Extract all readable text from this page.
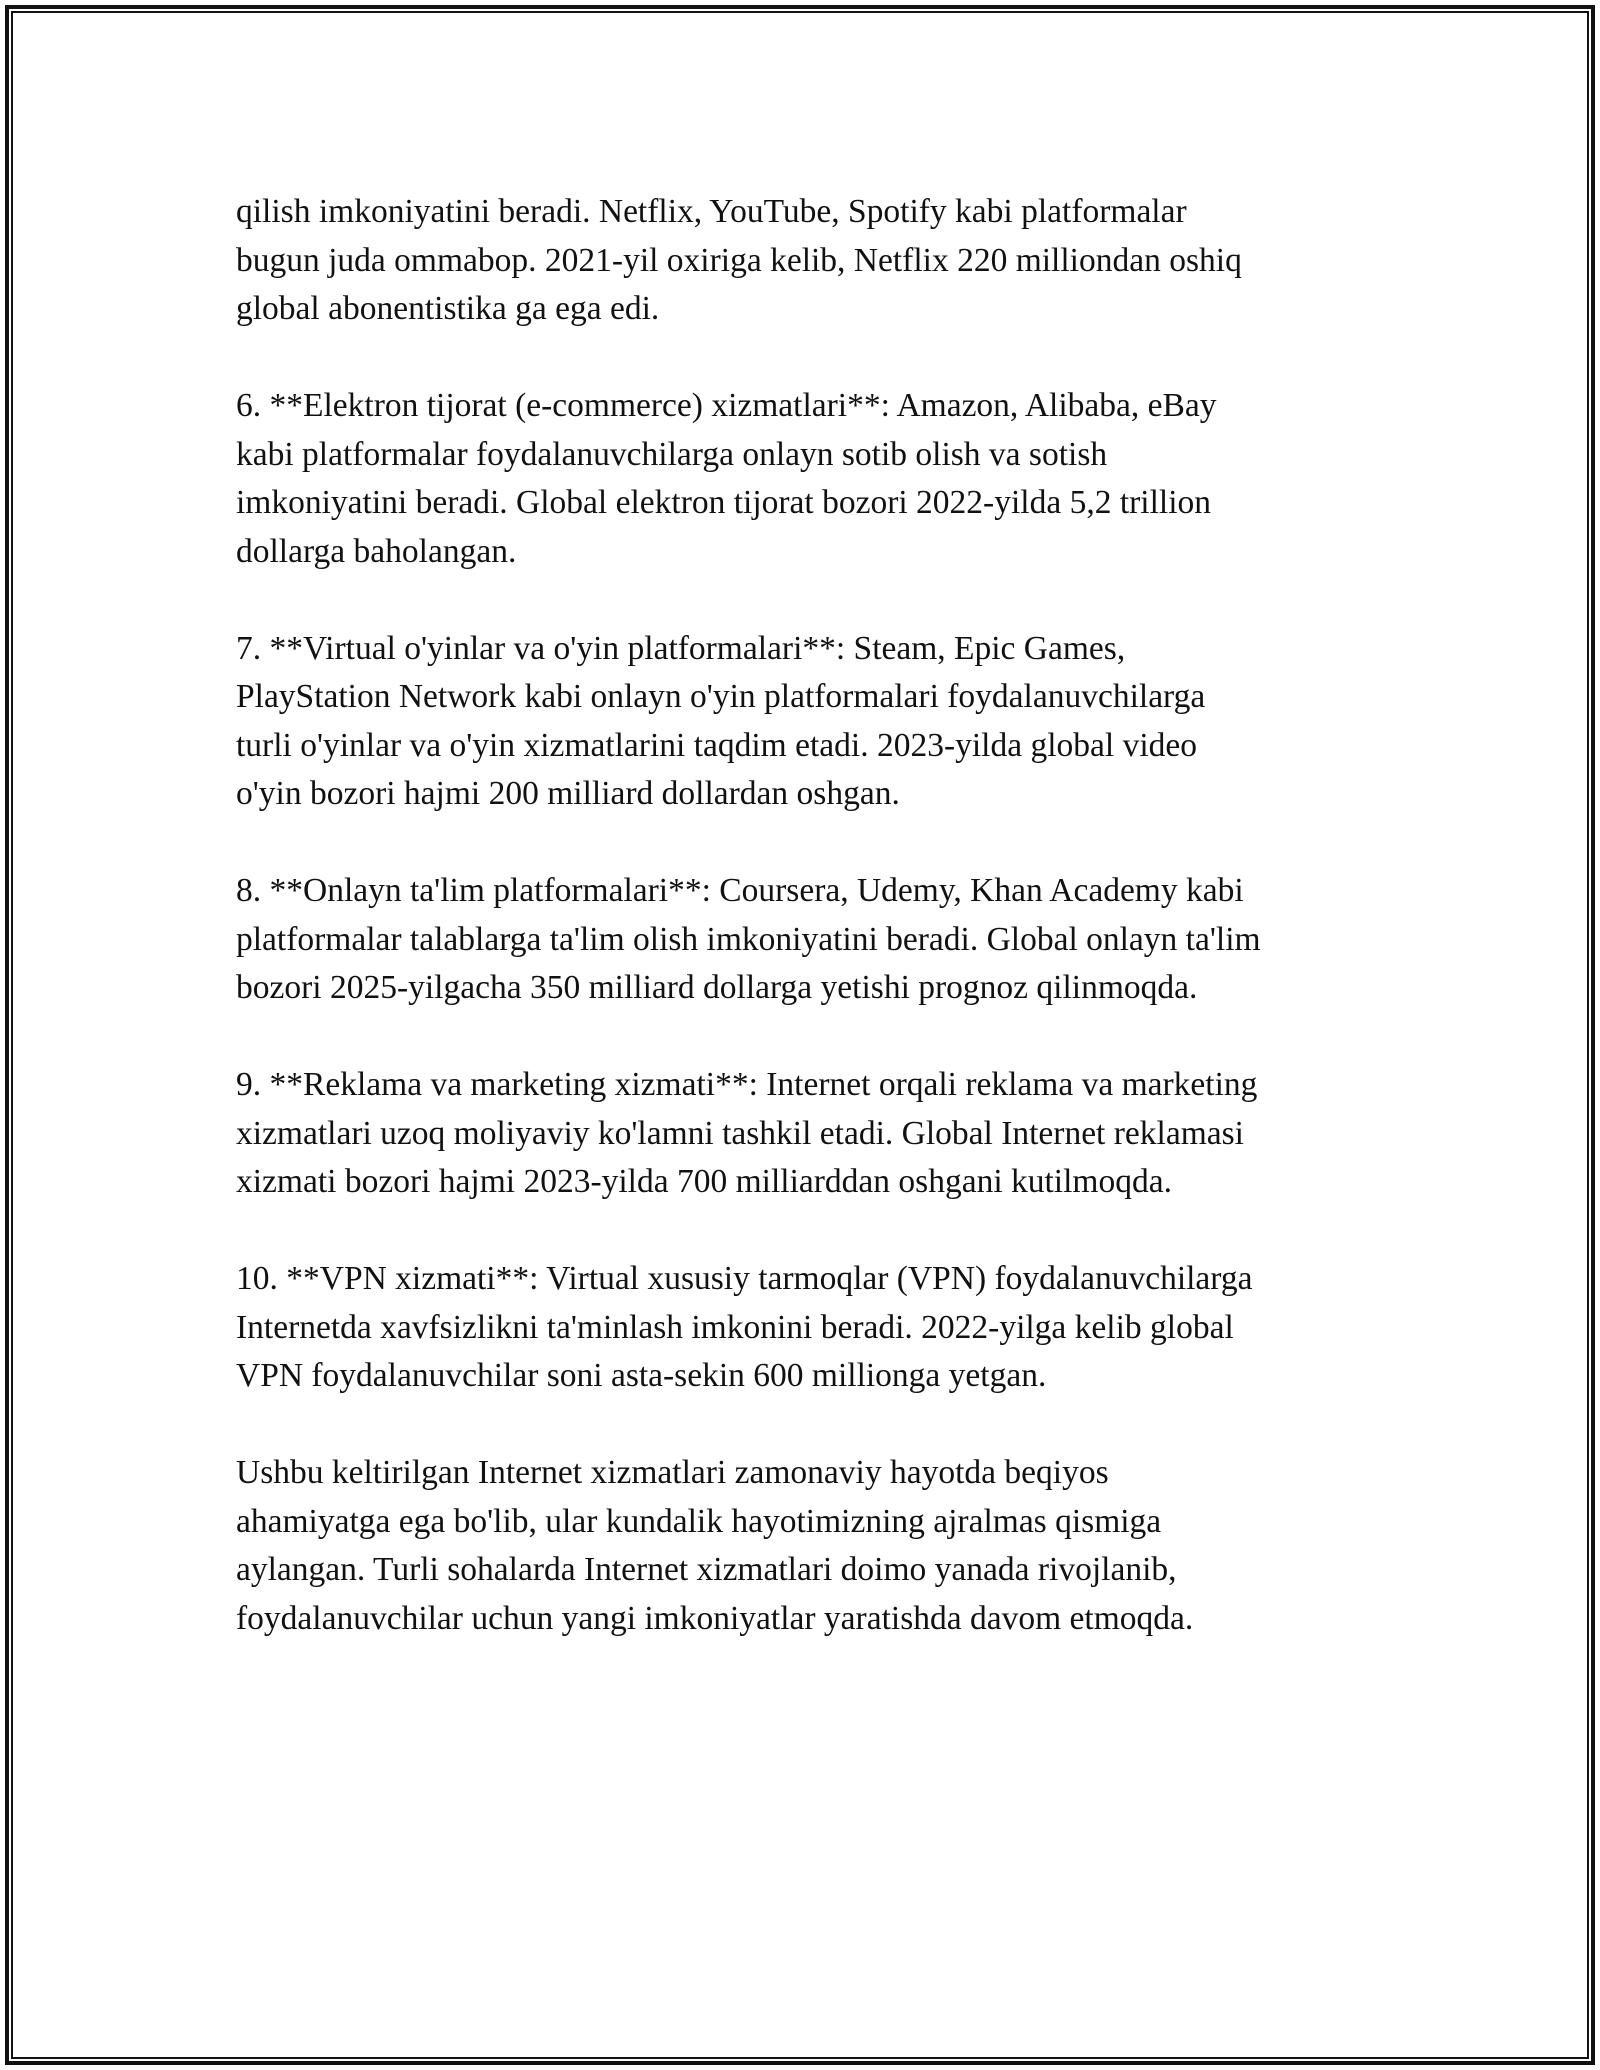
qilish imkoniyatini beradi. Netflix, YouTube, Spotify kabi platformalar
bugun juda ommabop. 2021-yil oxiriga kelib, Netflix 220 milliondan oshiq
global abonentistika ga ega edi.

6. **Elektron tijorat (e-commerce) xizmatlari**: Amazon, Alibaba, eBay
kabi platformalar foydalanuvchilarga onlayn sotib olish va sotish
imkoniyatini beradi. Global elektron tijorat bozori 2022-yilda 5,2 trillion
dollarga baholangan.

7. **Virtual o'yinlar va o'yin platformalari**: Steam, Epic Games,
PlayStation Network kabi onlayn o'yin platformalari foydalanuvchilarga
turli o'yinlar va o'yin xizmatlarini taqdim etadi. 2023-yilda global video
o'yin bozori hajmi 200 milliard dollardan oshgan.

8. **Onlayn ta'lim platformalari**: Coursera, Udemy, Khan Academy kabi
platformalar talablarga ta'lim olish imkoniyatini beradi. Global onlayn ta'lim
bozori 2025-yilgacha 350 milliard dollarga yetishi prognoz qilinmoqda.

9. **Reklama va marketing xizmati**: Internet orqali reklama va marketing
xizmatlari uzoq moliyaviy ko'lamni tashkil etadi. Global Internet reklamasi
xizmati bozori hajmi 2023-yilda 700 milliarddan oshgani kutilmoqda.

10. **VPN xizmati**: Virtual xususiy tarmoqlar (VPN) foydalanuvchilarga
Internetda xavfsizlikni ta'minlash imkonini beradi. 2022-yilga kelib global
VPN foydalanuvchilar soni asta-sekin 600 millionga yetgan.

Ushbu keltirilgan Internet xizmatlari zamonaviy hayotda beqiyos
ahamiyatga ega bo'lib, ular kundalik hayotimizning ajralmas qismiga
aylangan. Turli sohalarda Internet xizmatlari doimo yanada rivojlanib,
foydalanuvchilar uchun yangi imkoniyatlar yaratishda davom etmoqda.
